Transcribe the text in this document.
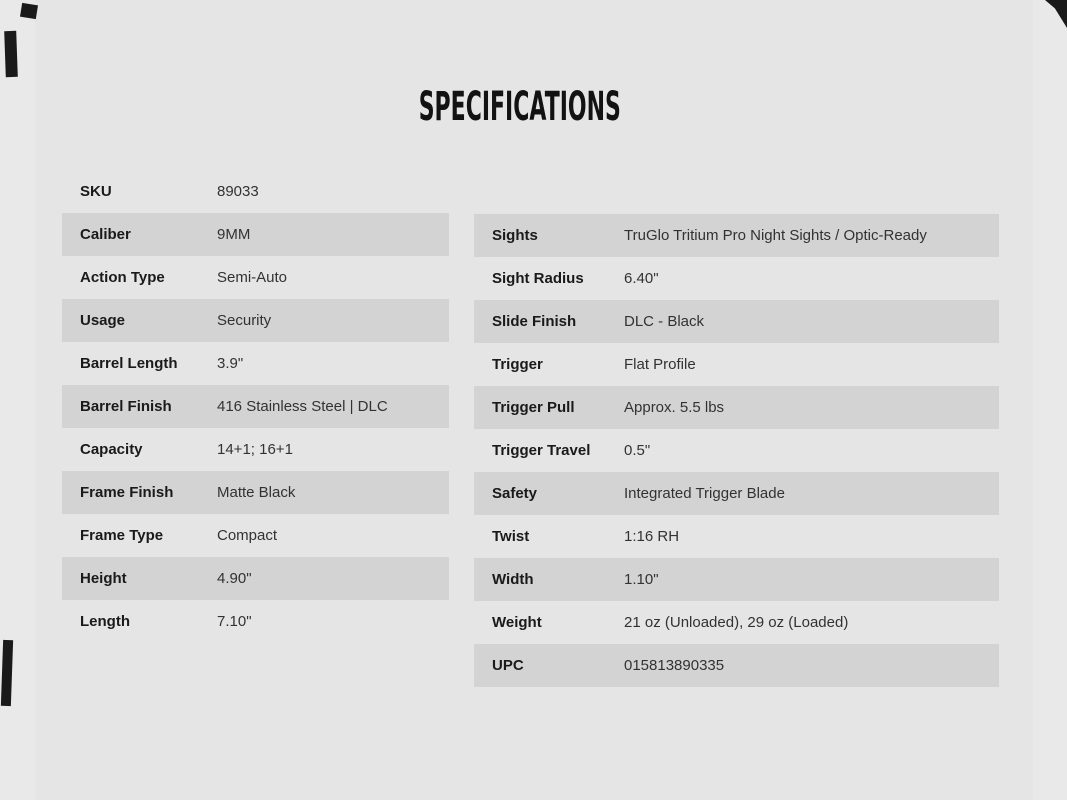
SPECIFICATIONS
SKU	89033
Caliber	9MM
Action Type	Semi-Auto
Usage	Security
Barrel Length	3.9"
Barrel Finish	416 Stainless Steel | DLC
Capacity	14+1; 16+1
Frame Finish	Matte Black
Frame Type	Compact
Height	4.90"
Length	7.10"
Sights	TruGlo Tritium Pro Night Sights / Optic-Ready
Sight Radius	6.40"
Slide Finish	DLC - Black
Trigger	Flat Profile
Trigger Pull	Approx. 5.5 lbs
Trigger Travel	0.5"
Safety	Integrated Trigger Blade
Twist	1:16 RH
Width	1.10"
Weight	21 oz (Unloaded), 29 oz (Loaded)
UPC	015813890335
